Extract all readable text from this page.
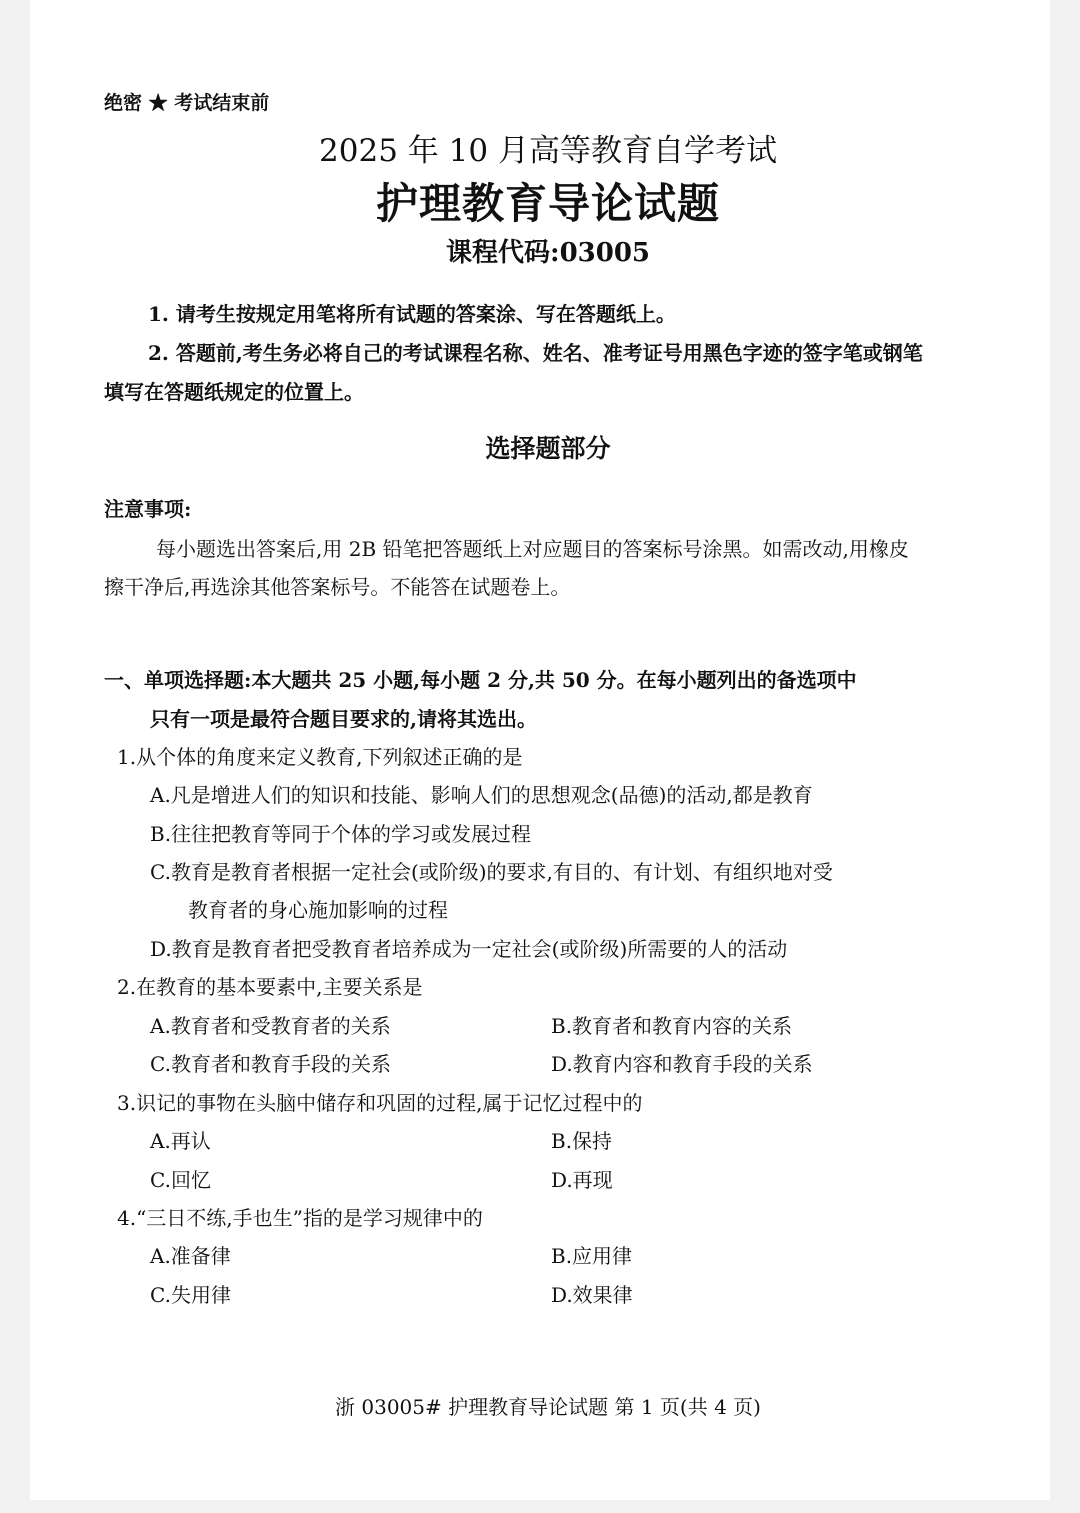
绝密 ★ 考试结束前
2025 年 10 月高等教育自学考试
护理教育导论试题
课程代码:03005
1. 请考生按规定用笔将所有试题的答案涂、写在答题纸上。
2. 答题前,考生务必将自己的考试课程名称、姓名、准考证号用黑色字迹的签字笔或钢笔
填写在答题纸规定的位置上。
选择题部分
注意事项:
每小题选出答案后,用 2B 铅笔把答题纸上对应题目的答案标号涂黑。如需改动,用橡皮
擦干净后,再选涂其他答案标号。不能答在试题卷上。
一、单项选择题:本大题共 25 小题,每小题 2 分,共 50 分。在每小题列出的备选项中
只有一项是最符合题目要求的,请将其选出。
1.从个体的角度来定义教育,下列叙述正确的是
A.凡是增进人们的知识和技能、影响人们的思想观念(品德)的活动,都是教育
B.往往把教育等同于个体的学习或发展过程
C.教育是教育者根据一定社会(或阶级)的要求,有目的、有计划、有组织地对受
教育者的身心施加影响的过程
D.教育是教育者把受教育者培养成为一定社会(或阶级)所需要的人的活动
2.在教育的基本要素中,主要关系是
A.教育者和受教育者的关系	B.教育者和教育内容的关系
C.教育者和教育手段的关系	D.教育内容和教育手段的关系
3.识记的事物在头脑中储存和巩固的过程,属于记忆过程中的
A.再认	B.保持
C.回忆	D.再现
4.“三日不练,手也生”指的是学习规律中的
A.准备律	B.应用律
C.失用律	D.效果律
浙 03005# 护理教育导论试题 第 1 页(共 4 页)
